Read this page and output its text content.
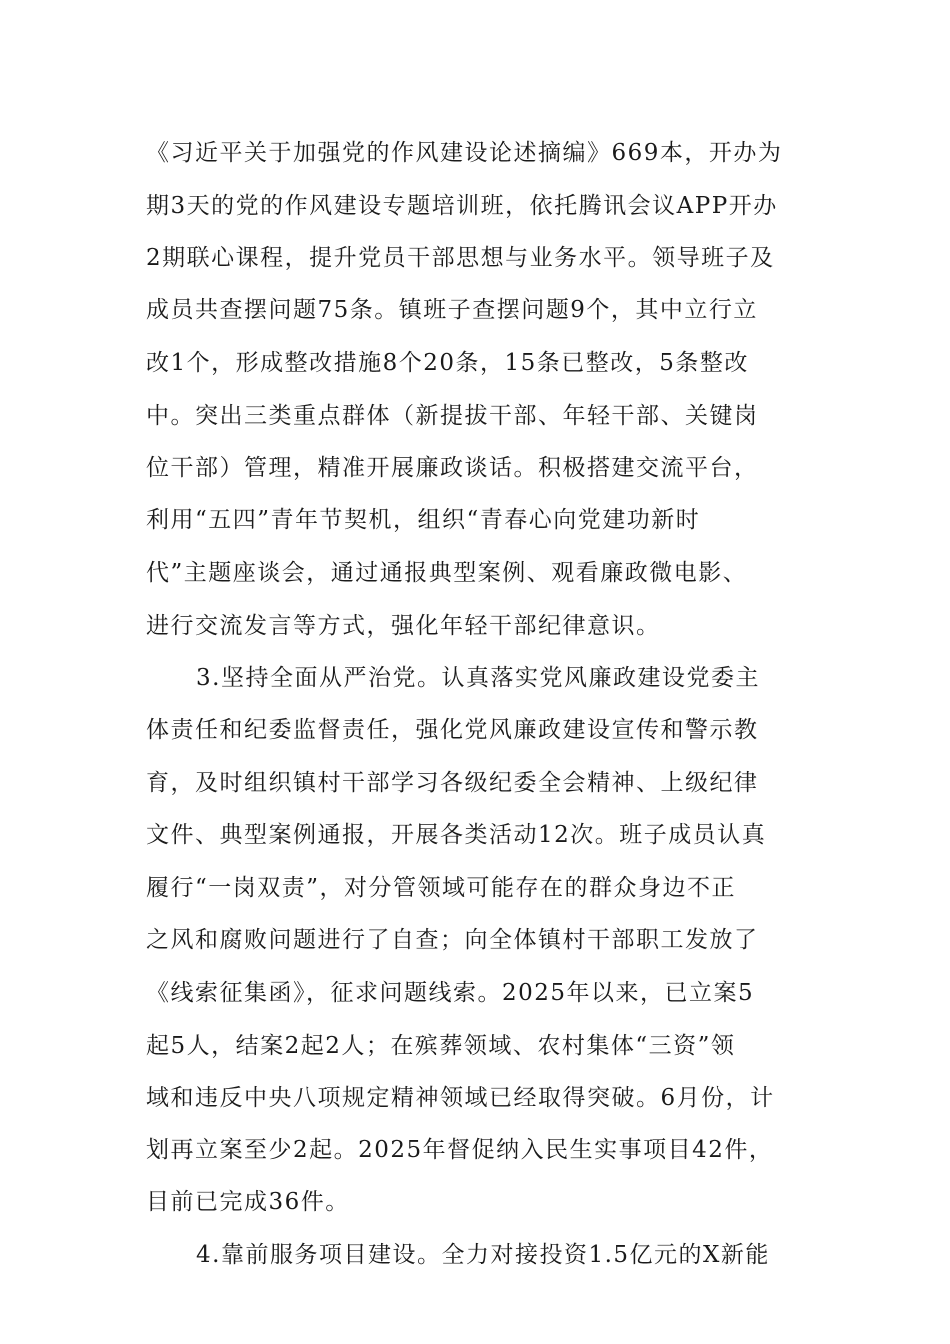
《习近平关于加强党的作风建设论述摘编》669本，开办为
期3天的党的作风建设专题培训班，依托腾讯会议APP开办
2期联心课程，提升党员干部思想与业务水平。领导班子及
成员共查摆问题75条。镇班子查摆问题9个，其中立行立
改1个，形成整改措施8个20条，15条已整改，5条整改
中。突出三类重点群体（新提拔干部、年轻干部、关键岗
位干部）管理，精准开展廉政谈话。积极搭建交流平台，
利用“五四”青年节契机，组织“青春心向党建功新时
代”主题座谈会，通过通报典型案例、观看廉政微电影、
进行交流发言等方式，强化年轻干部纪律意识。
3.坚持全面从严治党。认真落实党风廉政建设党委主
体责任和纪委监督责任，强化党风廉政建设宣传和警示教
育，及时组织镇村干部学习各级纪委全会精神、上级纪律
文件、典型案例通报，开展各类活动12次。班子成员认真
履行“一岗双责”，对分管领域可能存在的群众身边不正
之风和腐败问题进行了自查；向全体镇村干部职工发放了
《线索征集函》，征求问题线索。2025年以来，已立案5
起5人，结案2起2人；在殡葬领域、农村集体“三资”领
域和违反中央八项规定精神领域已经取得突破。6月份，计
划再立案至少2起。2025年督促纳入民生实事项目42件，
目前已完成36件。
4.靠前服务项目建设。全力对接投资1.5亿元的X新能
